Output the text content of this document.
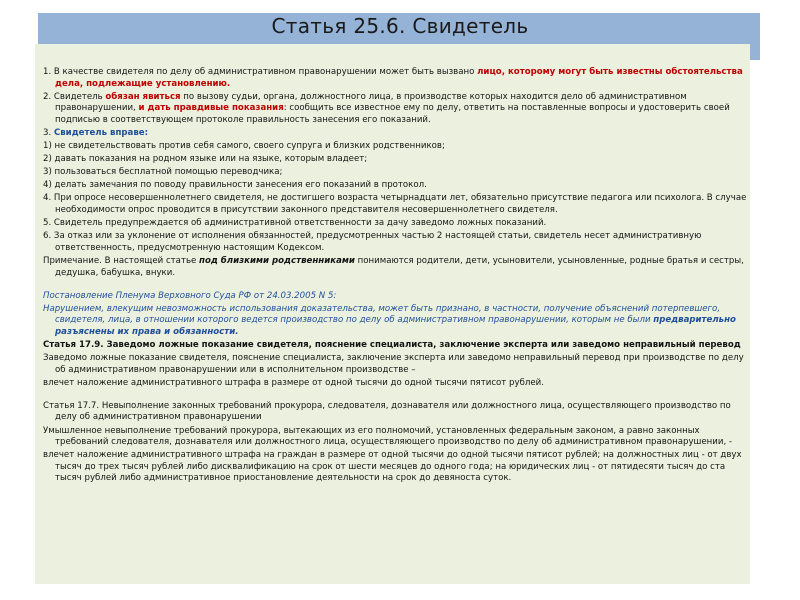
Статья 25.6. Свидетель

1. В качестве свидетеля по делу об административном правонарушении может быть вызвано лицо, которому могут быть известны обстоятельства дела, подлежащие установлению.

2. Свидетель обязан явиться по вызову судьи, органа, должностного лица, в производстве которых находится дело об административном правонарушении, и дать правдивые показания: сообщить все известное ему по делу, ответить на поставленные вопросы и удостоверить своей подписью в соответствующем протоколе правильность занесения его показаний.

3. Свидетель вправе:

1) не свидетельствовать против себя самого, своего супруга и близких родственников;

2) давать показания на родном языке или на языке, которым владеет;

3) пользоваться бесплатной помощью переводчика;

4) делать замечания по поводу правильности занесения его показаний в протокол.

4. При опросе несовершеннолетнего свидетеля, не достигшего возраста четырнадцати лет, обязательно присутствие педагога или психолога. В случае необходимости опрос проводится в присутствии законного представителя несовершеннолетнего свидетеля.

5. Свидетель предупреждается об административной ответственности за дачу заведомо ложных показаний.

6. За отказ или за уклонение от исполнения обязанностей, предусмотренных частью 2 настоящей статьи, свидетель несет административную ответственность, предусмотренную настоящим Кодексом.

Примечание. В настоящей статье под близкими родственниками понимаются родители, дети, усыновители, усыновленные, родные братья и сестры, дедушка, бабушка, внуки.

Постановление Пленума Верховного Суда РФ от 24.03.2005 N 5:

Нарушением, влекущим невозможность использования доказательства, может быть признано, в частности, получение объяснений потерпевшего, свидетеля, лица, в отношении которого ведется производство по делу об административном правонарушении, которым не были предварительно разъяснены их права и обязанности.

Статья 17.9. Заведомо ложные показание свидетеля, пояснение специалиста, заключение эксперта или заведомо неправильный перевод

Заведомо ложные показание свидетеля, пояснение специалиста, заключение эксперта или заведомо неправильный перевод при производстве по делу об административном правонарушении или в исполнительном производстве –

влечет наложение административного штрафа в размере от одной тысячи до одной тысячи пятисот рублей.

Статья 17.7. Невыполнение законных требований прокурора, следователя, дознавателя или должностного лица, осуществляющего производство по делу об административном правонарушении

Умышленное невыполнение требований прокурора, вытекающих из его полномочий, установленных федеральным законом, а равно законных требований следователя, дознавателя или должностного лица, осуществляющего производство по делу об административном правонарушении, -

влечет наложение административного штрафа на граждан в размере от одной тысячи до одной тысячи пятисот рублей; на должностных лиц - от двух тысяч до трех тысяч рублей либо дисквалификацию на срок от шести месяцев до одного года; на юридических лиц - от пятидесяти тысяч до ста тысяч рублей либо административное приостановление деятельности на срок до девяноста суток.
